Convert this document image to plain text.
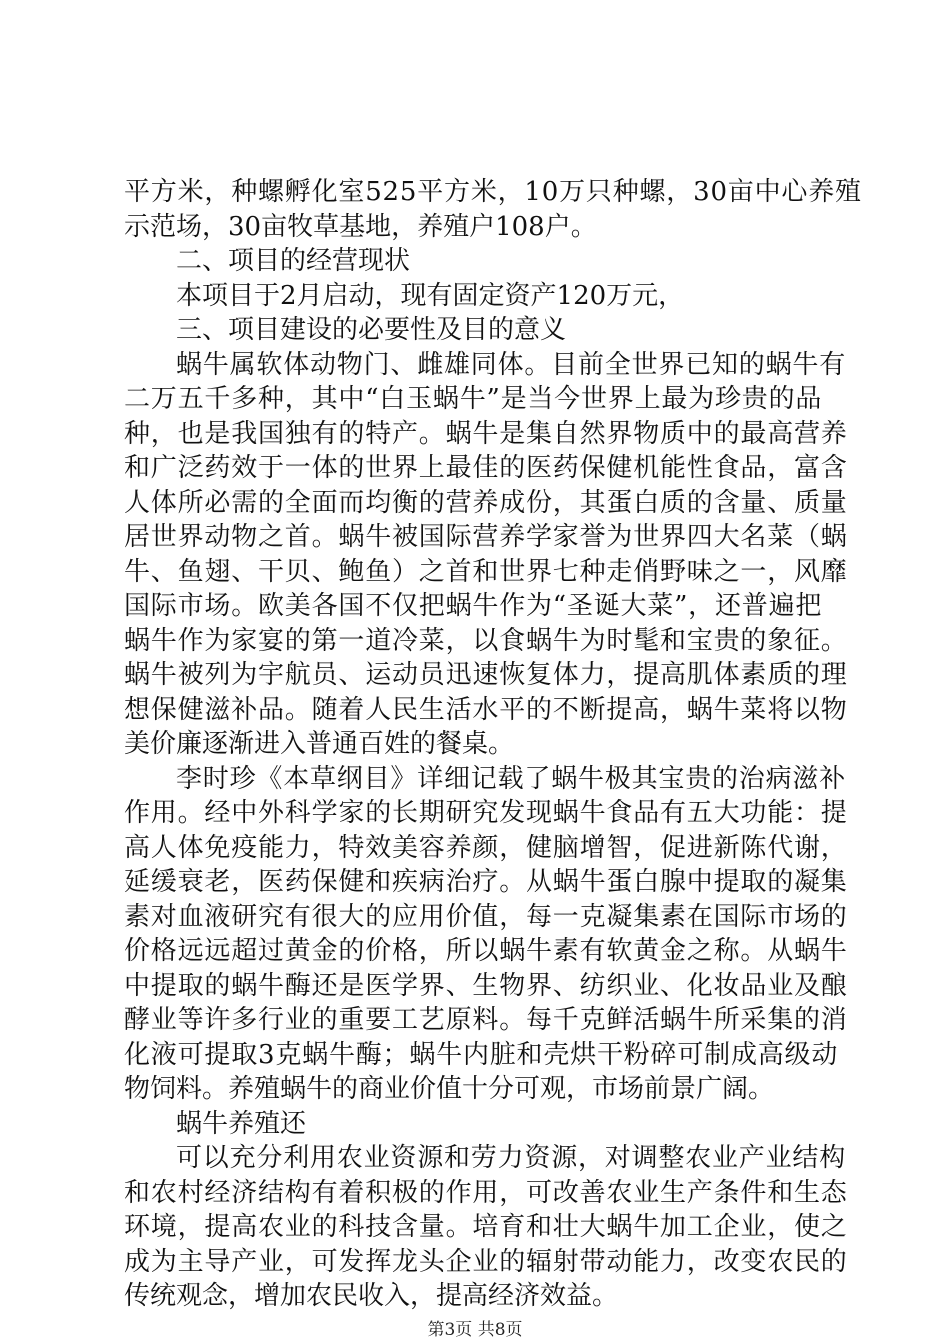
平方米，种螺孵化室525平方米，10万只种螺，30亩中心养殖
示范场，30亩牧草基地，养殖户108户。
二、项目的经营现状
本项目于2月启动，现有固定资产120万元，
三、项目建设的必要性及目的意义
蜗牛属软体动物门、雌雄同体。目前全世界已知的蜗牛有
二万五千多种，其中“白玉蜗牛”是当今世界上最为珍贵的品
种，也是我国独有的特产。蜗牛是集自然界物质中的最高营养
和广泛药效于一体的世界上最佳的医药保健机能性食品，富含
人体所必需的全面而均衡的营养成份，其蛋白质的含量、质量
居世界动物之首。蜗牛被国际营养学家誉为世界四大名菜（蜗
牛、鱼翅、干贝、鲍鱼）之首和世界七种走俏野味之一，风靡
国际市场。欧美各国不仅把蜗牛作为“圣诞大菜”，还普遍把
蜗牛作为家宴的第一道冷菜，以食蜗牛为时髦和宝贵的象征。
蜗牛被列为宇航员、运动员迅速恢复体力，提高肌体素质的理
想保健滋补品。随着人民生活水平的不断提高，蜗牛菜将以物
美价廉逐渐进入普通百姓的餐桌。
李时珍《本草纲目》详细记载了蜗牛极其宝贵的治病滋补
作用。经中外科学家的长期研究发现蜗牛食品有五大功能：提
高人体免疫能力，特效美容养颜，健脑增智，促进新陈代谢，
延缓衰老，医药保健和疾病治疗。从蜗牛蛋白腺中提取的凝集
素对血液研究有很大的应用价值，每一克凝集素在国际市场的
价格远远超过黄金的价格，所以蜗牛素有软黄金之称。从蜗牛
中提取的蜗牛酶还是医学界、生物界、纺织业、化妆品业及酿
酵业等许多行业的重要工艺原料。每千克鲜活蜗牛所采集的消
化液可提取3克蜗牛酶；蜗牛内脏和壳烘干粉碎可制成高级动
物饲料。养殖蜗牛的商业价值十分可观，市场前景广阔。
蜗牛养殖还
可以充分利用农业资源和劳力资源，对调整农业产业结构
和农村经济结构有着积极的作用，可改善农业生产条件和生态
环境，提高农业的科技含量。培育和壮大蜗牛加工企业，使之
成为主导产业，可发挥龙头企业的辐射带动能力，改变农民的
传统观念，增加农民收入，提高经济效益。
第3页 共8页
